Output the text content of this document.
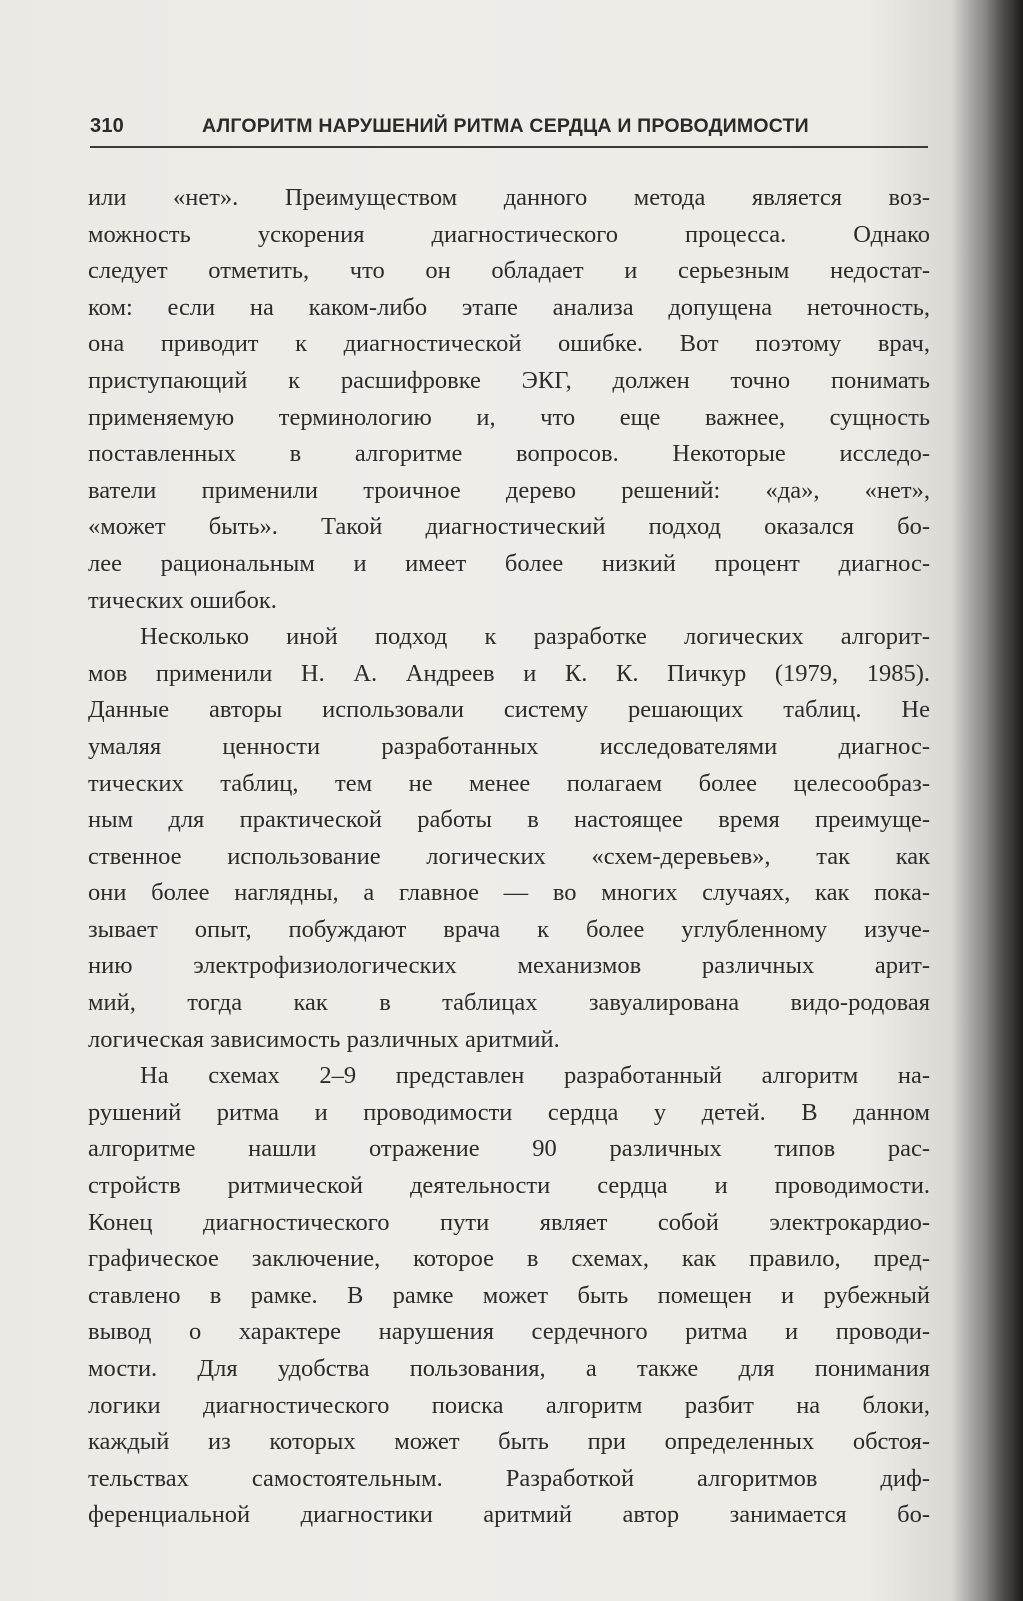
310	АЛГОРИТМ НАРУШЕНИЙ РИТМА СЕРДЦА И ПРОВОДИМОСТИ
или «нет». Преимуществом данного метода является воз-
можность ускорения диагностического процесса. Однако
следует отметить, что он обладает и серьезным недостат-
ком: если на каком-либо этапе анализа допущена неточность,
она приводит к диагностической ошибке. Вот поэтому врач,
приступающий к расшифровке ЭКГ, должен точно понимать
применяемую терминологию и, что еще важнее, сущность
поставленных в алгоритме вопросов. Некоторые исследо-
ватели применили троичное дерево решений: «да», «нет»,
«может быть». Такой диагностический подход оказался бо-
лее рациональным и имеет более низкий процент диагнос-
тических ошибок.
Несколько иной подход к разработке логических алгорит-
мов применили Н. А. Андреев и К. К. Пичкур (1979, 1985).
Данные авторы использовали систему решающих таблиц. Не
умаляя ценности разработанных исследователями диагнос-
тических таблиц, тем не менее полагаем более целесообраз-
ным для практической работы в настоящее время преимуще-
ственное использование логических «схем-деревьев», так как
они более наглядны, а главное — во многих случаях, как пока-
зывает опыт, побуждают врача к более углубленному изуче-
нию электрофизиологических механизмов различных арит-
мий, тогда как в таблицах завуалирована видо-родовая
логическая зависимость различных аритмий.
На схемах 2–9 представлен разработанный алгоритм на-
рушений ритма и проводимости сердца у детей. В данном
алгоритме нашли отражение 90 различных типов рас-
стройств ритмической деятельности сердца и проводимости.
Конец диагностического пути являет собой электрокардио-
графическое заключение, которое в схемах, как правило, пред-
ставлено в рамке. В рамке может быть помещен и рубежный
вывод о характере нарушения сердечного ритма и проводи-
мости. Для удобства пользования, а также для понимания
логики диагностического поиска алгоритм разбит на блоки,
каждый из которых может быть при определенных обстоя-
тельствах самостоятельным. Разработкой алгоритмов диф-
ференциальной диагностики аритмий автор занимается бо-
